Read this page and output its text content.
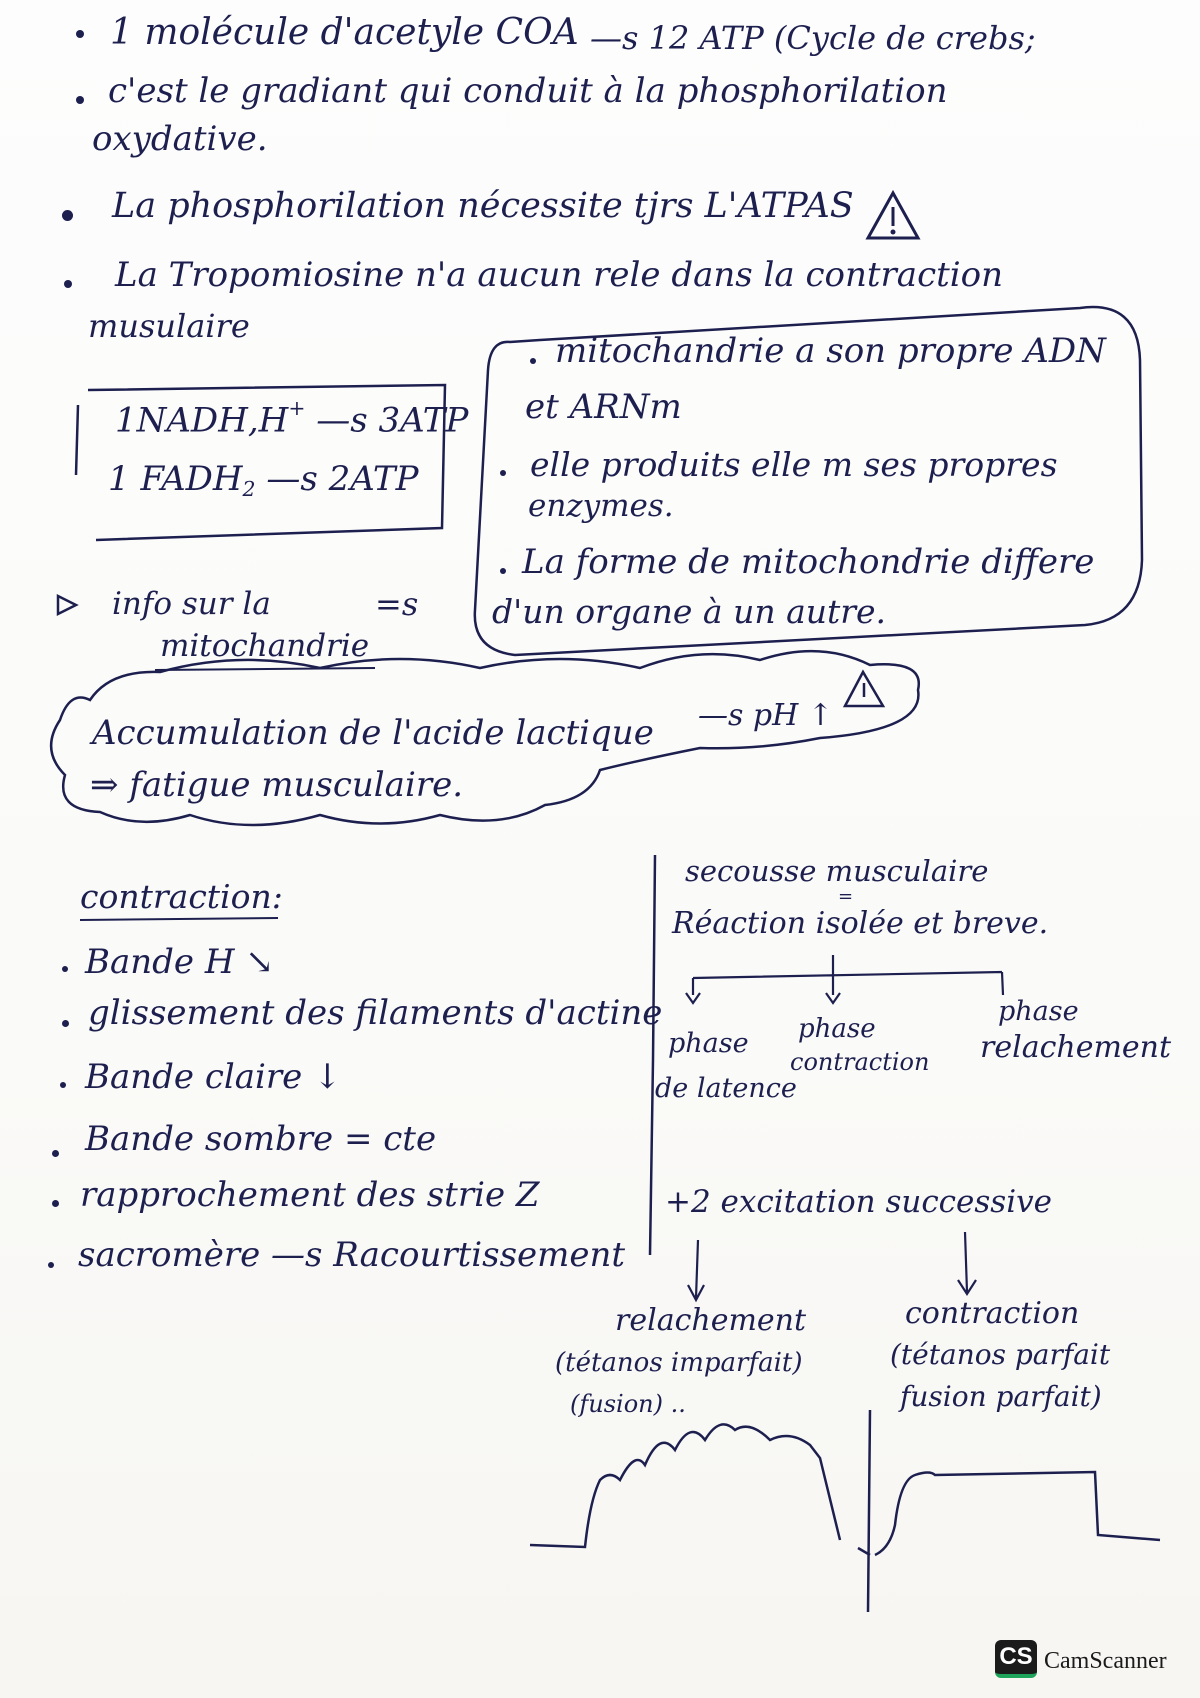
1 molécule d'acetyle COA —s 12 ATP (Cycle de crebs;
c'est le gradiant qui conduit à la phosphorilation
oxydative.
La phosphorilation nécessite tjrs L'ATPAS
La Tropomiosine n'a aucun rele dans la contraction
musulaire
1NADH,H+ —s 3ATP
1 $FADH_2$ —s 2ATP
mitochandrie a son propre ADN
et ARNm
elle produits elle m ses propres
enzymes.
La forme de mitochondrie differe
d'un organe à un autre.
info sur la
mitochandrie
=s
Accumulation de l'acide lactique —s pH ↑
⇒ fatigue musculaire.
contraction:
Bande H ↘
glissement des filaments d'actine
Bande claire ↓
Bande sombre = cte
rapprochement des strie Z
sacromère —s Racourtissement
secousse musculaire
=
Réaction isolée et breve.
phase
de latence
phase
contraction
phase
relachement
+2 excitation successive
relachement
(tétanos imparfait)
(fusion) ..
contraction
(tétanos parfait
fusion parfait)
CS CamScanner
